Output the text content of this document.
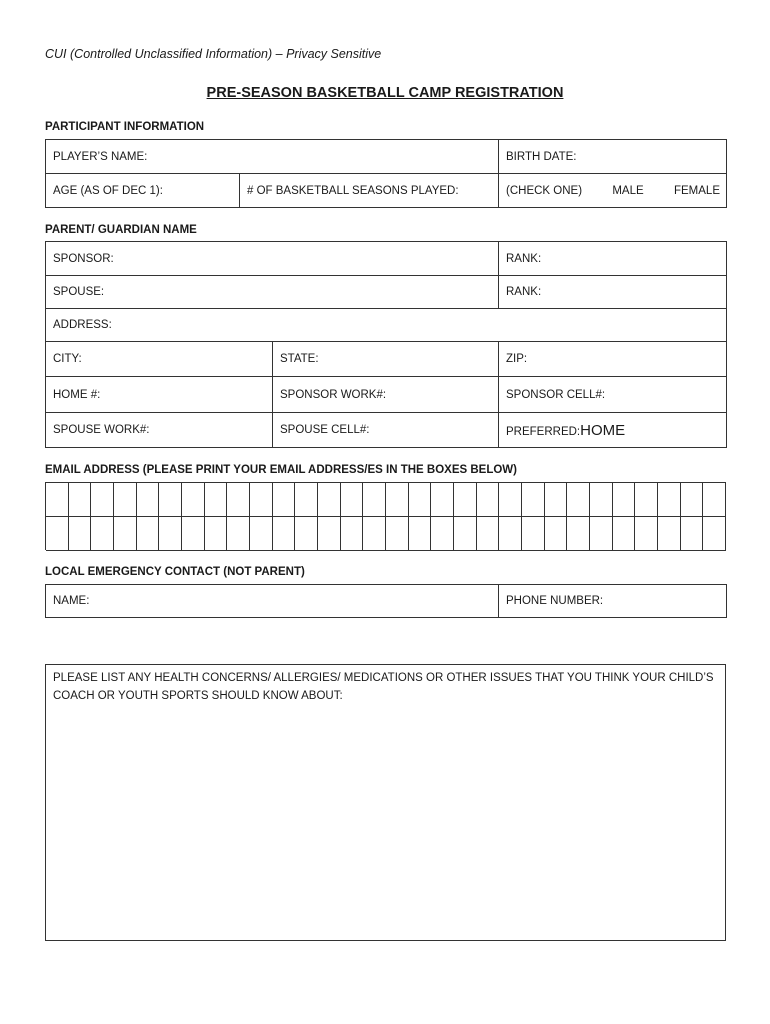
CUI (Controlled Unclassified Information) – Privacy Sensitive
PRE-SEASON BASKETBALL CAMP REGISTRATION
PARTICIPANT INFORMATION
PLAYER’S NAME:		BIRTH DATE:
AGE (AS OF DEC 1):	# OF BASKETBALL SEASONS PLAYED:	(CHECK ONE) MALE FEMALE
PARENT/ GUARDIAN NAME
SPONSOR:		RANK:
SPOUSE:		RANK:
ADDRESS:		
CITY:	STATE:	ZIP:
HOME #:	SPONSOR WORK#:	SPONSOR CELL#:
SPOUSE WORK#:	SPOUSE CELL#:	PREFERRED:HOME
EMAIL ADDRESS (PLEASE PRINT YOUR EMAIL ADDRESS/ES IN THE BOXES BELOW)
LOCAL EMERGENCY CONTACT (NOT PARENT)
NAME:	PHONE NUMBER:
PLEASE LIST ANY HEALTH CONCERNS/ ALLERGIES/ MEDICATIONS OR OTHER ISSUES THAT YOU THINK YOUR CHILD’S COACH OR YOUTH SPORTS SHOULD KNOW ABOUT:
